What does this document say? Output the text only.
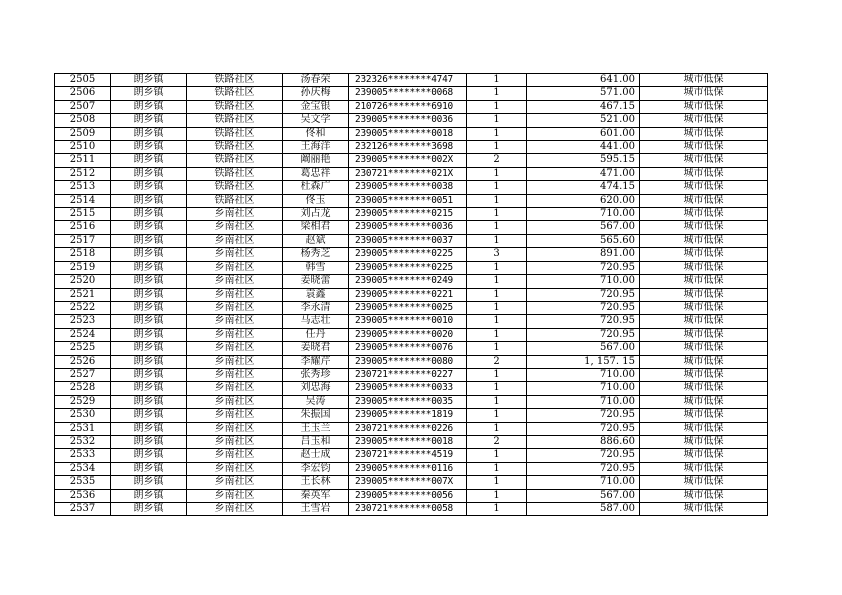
2505	朗乡镇	铁路社区	汤春荣	232326********4747	1	641.00	城市低保
2506	朗乡镇	铁路社区	孙庆梅	239005********0068	1	571.00	城市低保
2507	朗乡镇	铁路社区	金宝银	210726********6910	1	467.15	城市低保
2508	朗乡镇	铁路社区	吴文学	239005********0036	1	521.00	城市低保
2509	朗乡镇	铁路社区	佟和	239005********0018	1	601.00	城市低保
2510	朗乡镇	铁路社区	王海洋	232126********3698	1	441.00	城市低保
2511	朗乡镇	铁路社区	阚丽艳	239005********002X	2	595.15	城市低保
2512	朗乡镇	铁路社区	葛忠祥	230721********021X	1	471.00	城市低保
2513	朗乡镇	铁路社区	杜森广	239005********0038	1	474.15	城市低保
2514	朗乡镇	铁路社区	佟玉	239005********0051	1	620.00	城市低保
2515	朗乡镇	乡南社区	刘占龙	239005********0215	1	710.00	城市低保
2516	朗乡镇	乡南社区	梁相君	239005********0036	1	567.00	城市低保
2517	朗乡镇	乡南社区	赵斌	239005********0037	1	565.60	城市低保
2518	朗乡镇	乡南社区	杨秀芝	239005********0225	3	891.00	城市低保
2519	朗乡镇	乡南社区	韩雪	239005********0225	1	720.95	城市低保
2520	朗乡镇	乡南社区	姜晓蕾	239005********0249	1	710.00	城市低保
2521	朗乡镇	乡南社区	袁鑫	239005********0221	1	720.95	城市低保
2522	朗乡镇	乡南社区	李永清	239005********0025	1	720.95	城市低保
2523	朗乡镇	乡南社区	马志壮	239005********0010	1	720.95	城市低保
2524	朗乡镇	乡南社区	任丹	239005********0020	1	720.95	城市低保
2525	朗乡镇	乡南社区	姜晓君	239005********0076	1	567.00	城市低保
2526	朗乡镇	乡南社区	李耀芹	239005********0080	2	1, 157. 15	城市低保
2527	朗乡镇	乡南社区	张秀珍	230721********0227	1	710.00	城市低保
2528	朗乡镇	乡南社区	刘忠海	239005********0033	1	710.00	城市低保
2529	朗乡镇	乡南社区	吴涛	239005********0035	1	710.00	城市低保
2530	朗乡镇	乡南社区	朱振国	239005********1819	1	720.95	城市低保
2531	朗乡镇	乡南社区	王玉兰	230721********0226	1	720.95	城市低保
2532	朗乡镇	乡南社区	吕玉和	239005********0018	2	886.60	城市低保
2533	朗乡镇	乡南社区	赵士成	230721********4519	1	720.95	城市低保
2534	朗乡镇	乡南社区	李宏钧	239005********0116	1	720.95	城市低保
2535	朗乡镇	乡南社区	王长林	239005********007X	1	710.00	城市低保
2536	朗乡镇	乡南社区	秦英军	239005********0056	1	567.00	城市低保
2537	朗乡镇	乡南社区	王雪岩	230721********0058	1	587.00	城市低保
